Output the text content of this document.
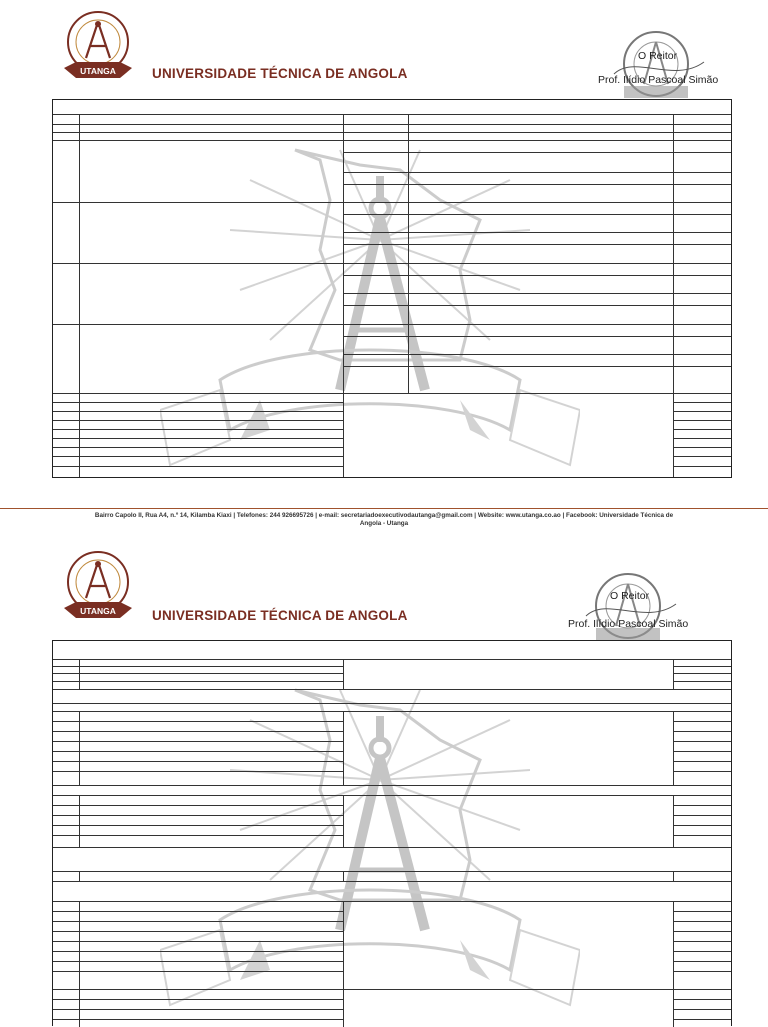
UTANGA	UNIVERSIDADE TÉCNICA DE ANGOLA
O Reitor
Prof. Ilídio Pascoal Simão
Bairro Capolo II, Rua A4, n.º 14, Kilamba Kiaxi | Telefones: 244 926695726 | e-mail: secretariadoexecutivodautanga@gmail.com | Website: www.utanga.co.ao | Facebook: Universidade Técnica de
Angola - Utanga
UTANGA	UNIVERSIDADE TÉCNICA DE ANGOLA
O Reitor
Prof. Ilídio Pascoal Simão
